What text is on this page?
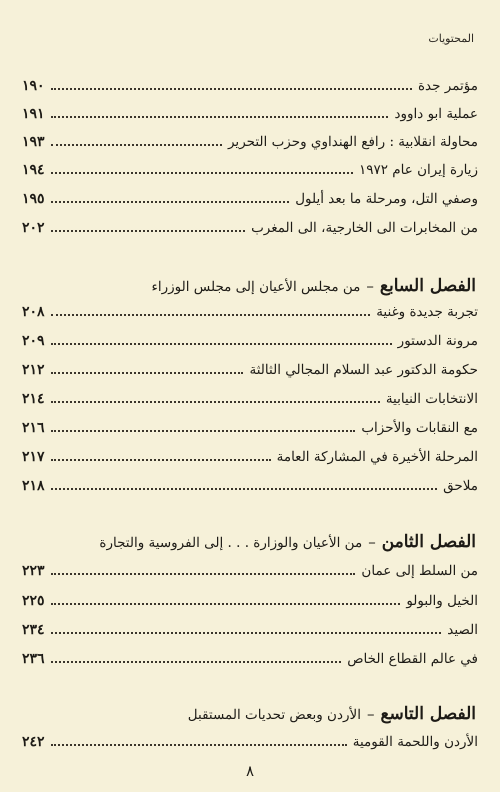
المحتويات
مؤتمر جدة
١٩٠
عملية ابو داوود
١٩١
محاولة انقلابية : رافع الهنداوي وحزب التحرير
١٩٣
زيارة إيران عام ١٩٧٢
١٩٤
وصفي التل، ومرحلة ما بعد أيلول
١٩٥
من المخابرات الى الخارجية، الى المغرب
٢٠٢
الفصل السابع
–
من مجلس الأعيان إلى مجلس الوزراء
تجربة جديدة وغنية
٢٠٨
مرونة الدستور
٢٠٩
حكومة الدكتور عبد السلام المجالي الثالثة
٢١٢
الانتخابات النيابية
٢١٤
مع النقابات والأحزاب
٢١٦
المرحلة الأخيرة في المشاركة العامة
٢١٧
ملاحق
٢١٨
الفصل الثامن
–
من الأعيان والوزارة . . . إلى الفروسية والتجارة
من السلط إلى عمان
٢٢٣
الخيل والبولو
٢٢٥
الصيد
٢٣٤
في عالم القطاع الخاص
٢٣٦
الفصل التاسع
–
الأردن وبعض تحديات المستقبل
الأردن واللحمة القومية
٢٤٢
٨
